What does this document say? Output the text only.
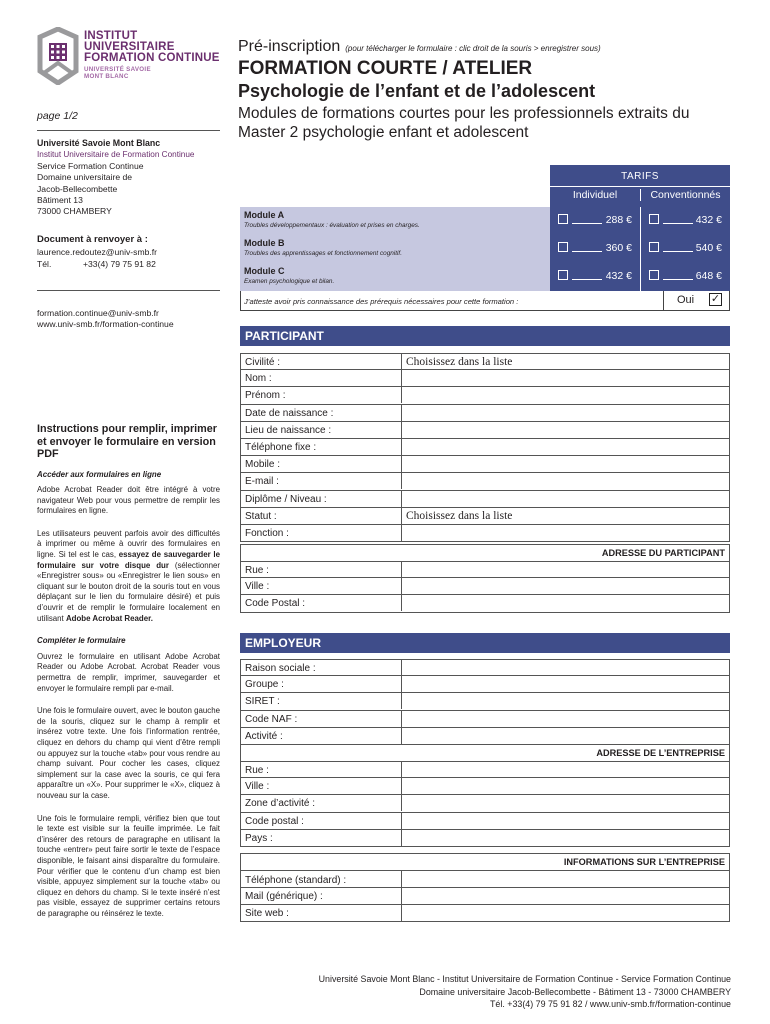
INSTITUT
UNIVERSITAIRE
FORMATION CONTINUE
UNIVERSITÉ SAVOIE
MONT BLANC
Pré-inscription (pour télécharger le formulaire : clic droit de la souris > enregistrer sous)
FORMATION COURTE / ATELIER
Psychologie de l’enfant et de l’adolescent
Modules de formations courtes pour les professionnels extraits du Master 2 psychologie enfant et adolescent
page 1/2
Université Savoie Mont Blanc
Institut Universitaire de Formation Continue
Service Formation Continue
Domaine universitaire de
Jacob-Bellecombette
Bâtiment 13
73000 CHAMBERY
Document à renvoyer à :
laurence.redoutez@univ-smb.fr
Tél.	+33(4) 79 75 91 82
formation.continue@univ-smb.fr
www.univ-smb.fr/formation-continue
Instructions pour remplir, imprimer et envoyer le formulaire en version PDF
Accéder aux formulaires en ligne

Adobe Acrobat Reader doit être intégré à votre navigateur Web pour vous permettre de remplir les formulaires en ligne.

Les utilisateurs peuvent parfois avoir des difficultés à imprimer ou même à ouvrir des formulaires en ligne. Si tel est le cas, essayez de sauvegarder le formulaire sur votre disque dur (sélectionner «Enregistrer sous» ou «Enregistrer le lien sous» en cliquant sur le bouton droit de la souris tout en vous déplaçant sur le lien du formulaire désiré) et puis d’ouvrir et de remplir le formulaire localement en utilisant Adobe Acrobat Reader.

Compléter le formulaire

Ouvrez le formulaire en utilisant Adobe Acrobat Reader ou Adobe Acrobat. Acrobat Reader vous permettra de remplir, imprimer, sauvegarder et envoyer le formulaire rempli par e-mail.

Une fois le formulaire ouvert, avec le bouton gauche de la souris, cliquez sur le champ à remplir et insérez votre texte. Une fois l’information rentrée, cliquez en dehors du champ qui vient d’être rempli ou appuyez sur la touche «tab» pour vous rendre au champ suivant. Pour cocher les cases, cliquez simplement sur la case avec la souris, ce qui fera apparaître un «X». Pour supprimer le «X», cliquez à nouveau sur la case.

Une fois le formulaire rempli, vérifiez bien que tout le texte est visible sur la feuille imprimée. Le fait d’insérer des retours de paragraphe en utilisant la touche «entrer» peut faire sortir le texte de l’espace disponible, le faisant ainsi disparaître du formulaire. Pour vérifier que le contenu d’un champ est bien visible, appuyez simplement sur la touche «tab» ou cliquez en dehors du champ. Si le texte inséré n’est pas visible, essayez de supprimer certains retours de paragraphe ou réinsérez le texte.

TARIFS
Individuel	Conventionnés
Module A
Troubles développementaux : évaluation et prises en charges.	288 €	432 €
Module B
Troubles des apprentissages et fonctionnement cognitif.	360 €	540 €
Module C
Examen psychologique et bilan.	432 €	648 €
J’atteste avoir pris connaissance des prérequis nécessaires pour cette formation :	Oui ✓
PARTICIPANT
Civilité :	Choisissez dans la liste
Nom :
Prénom :
Date de naissance :
Lieu de naissance :
Téléphone fixe :
Mobile :
E-mail :
Diplôme / Niveau :
Statut :	Choisissez dans la liste
Fonction :
ADRESSE DU PARTICIPANT
Rue :
Ville :
Code Postal :
EMPLOYEUR
Raison sociale :
Groupe :
SIRET :
Code NAF :
Activité :
ADRESSE DE L’ENTREPRISE
Rue :
Ville :
Zone d’activité :
Code postal :
Pays :
INFORMATIONS SUR L’ENTREPRISE
Téléphone (standard) :
Mail (générique) :
Site web :
Université Savoie Mont Blanc - Institut Universitaire de Formation Continue - Service Formation Continue
Domaine universitaire Jacob-Bellecombette - Bâtiment 13 - 73000 CHAMBERY
Tél. +33(4) 79 75 91 82 / www.univ-smb.fr/formation-continue
